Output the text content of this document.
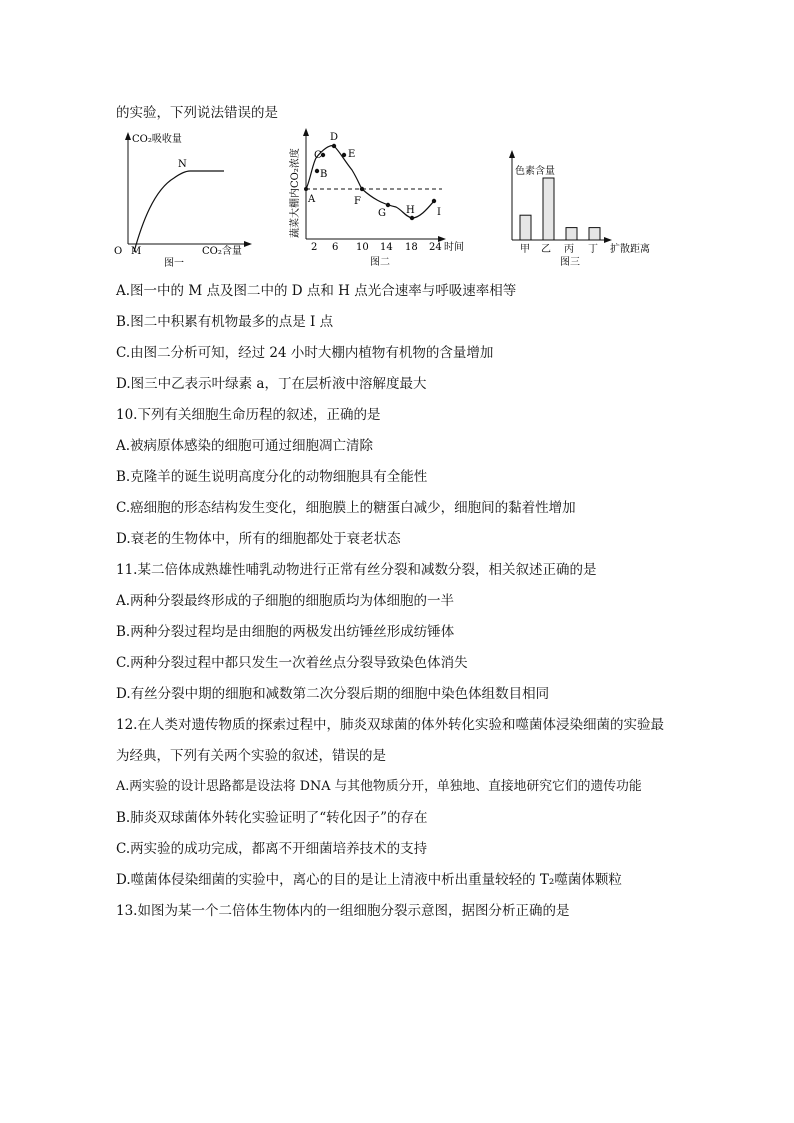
的实验，下列说法错误的是
CO₂吸收量
N
O M	CO₂含量
图一
蔬菜大棚内CO₂浓度 A
B
C
D
E
F
G H I
2 6 10 14 18 24 时间
图二
色素含量
甲 乙 丙 丁 扩散距离
图三
A.图一中的 M 点及图二中的 D 点和 H 点光合速率与呼吸速率相等
B.图二中积累有机物最多的点是 I 点
C.由图二分析可知，经过 24 小时大棚内植物有机物的含量增加
D.图三中乙表示叶绿素 a，丁在层析液中溶解度最大
10.下列有关细胞生命历程的叙述，正确的是
A.被病原体感染的细胞可通过细胞凋亡清除
B.克隆羊的诞生说明高度分化的动物细胞具有全能性
C.癌细胞的形态结构发生变化，细胞膜上的糖蛋白减少，细胞间的黏着性增加
D.衰老的生物体中，所有的细胞都处于衰老状态
11.某二倍体成熟雄性哺乳动物进行正常有丝分裂和减数分裂，相关叙述正确的是
A.两种分裂最终形成的子细胞的细胞质均为体细胞的一半
B.两种分裂过程均是由细胞的两极发出纺锤丝形成纺锤体
C.两种分裂过程中都只发生一次着丝点分裂导致染色体消失
D.有丝分裂中期的细胞和减数第二次分裂后期的细胞中染色体组数目相同
12.在人类对遗传物质的探索过程中，肺炎双球菌的体外转化实验和噬菌体浸染细菌的实验最
为经典，下列有关两个实验的叙述，错误的是
A.两实验的设计思路都是设法将 DNA 与其他物质分开，单独地、直接地研究它们的遗传功能
B.肺炎双球菌体外转化实验证明了“转化因子”的存在
C.两实验的成功完成，都离不开细菌培养技术的支持
D.噬菌体侵染细菌的实验中，离心的目的是让上清液中析出重量较轻的 T₂噬菌体颗粒
13.如图为某一个二倍体生物体内的一组细胞分裂示意图，据图分析正确的是
